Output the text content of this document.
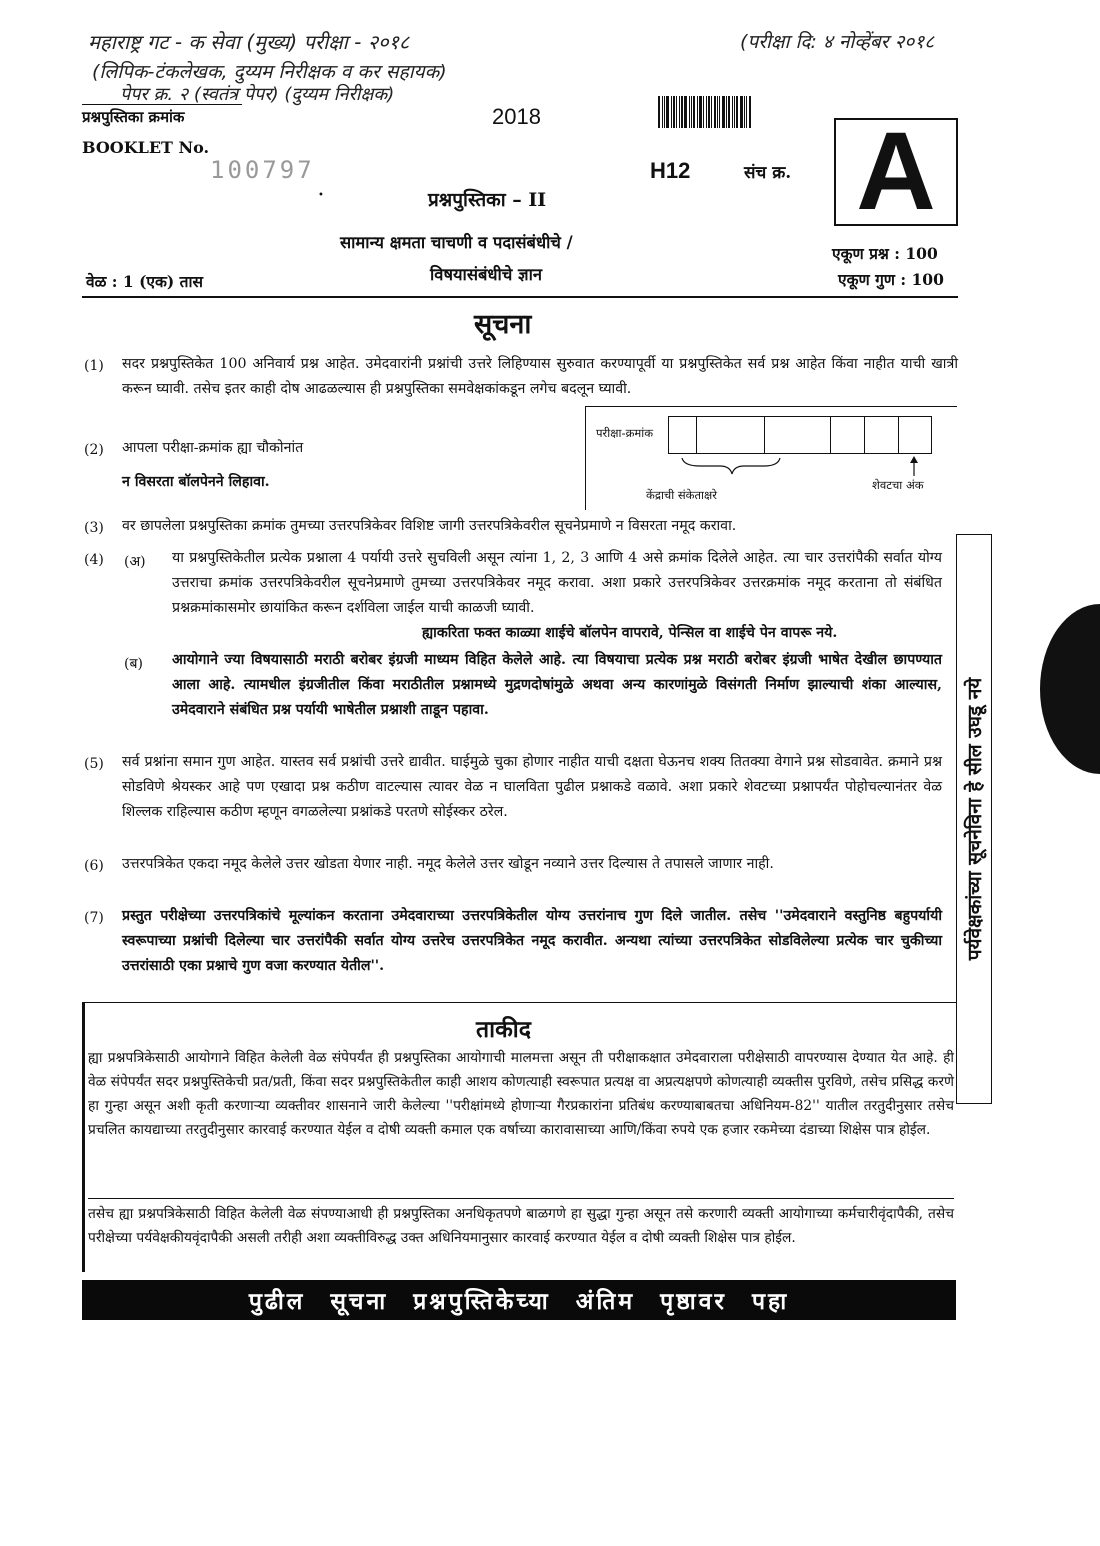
महाराष्ट्र गट - क सेवा (मुख्य) परीक्षा - २०१८	(परीक्षा दि: ४ नोव्हेंबर २०१८
(लिपिक-टंकलेखक, दुय्यम निरीक्षक व कर सहायक)
पेपर क्र. २ (स्वतंत्र पेपर) (दुय्यम निरीक्षक)
प्रश्नपुस्तिका क्रमांक	2018
BOOKLET No.
100797	H12	संच क्र. A
प्रश्नपुस्तिका – II
•
सामान्य क्षमता चाचणी व पदासंबंधीचे /
विषयासंबंधीचे ज्ञान
एकूण प्रश्न : 100
एकूण गुण : 100
वेळ : 1 (एक) तास
सूचना
(1) सदर प्रश्नपुस्तिकेत 100 अनिवार्य प्रश्न आहेत. उमेदवारांनी प्रश्नांची उत्तरे लिहिण्यास सुरुवात करण्यापूर्वी या प्रश्नपुस्तिकेत सर्व प्रश्न आहेत किंवा नाहीत याची खात्री करून घ्यावी. तसेच इतर काही दोष आढळल्यास ही प्रश्नपुस्तिका समवेक्षकांकडून लगेच बदलून घ्यावी.
(2) आपला परीक्षा-क्रमांक ह्या चौकोनांत
न विसरता बॉलपेनने लिहावा.
परीक्षा-क्रमांक
केंद्राची संकेताक्षरे
शेवटचा अंक
(3) वर छापलेला प्रश्नपुस्तिका क्रमांक तुमच्या उत्तरपत्रिकेवर विशिष्ट जागी उत्तरपत्रिकेवरील सूचनेप्रमाणे न विसरता नमूद करावा.
(4) (अ) या प्रश्नपुस्तिकेतील प्रत्येक प्रश्नाला 4 पर्यायी उत्तरे सुचविली असून त्यांना 1, 2, 3 आणि 4 असे क्रमांक दिलेले आहेत. त्या चार उत्तरांपैकी सर्वात योग्य उत्तराचा क्रमांक उत्तरपत्रिकेवरील सूचनेप्रमाणे तुमच्या उत्तरपत्रिकेवर नमूद करावा. अशा प्रकारे उत्तरपत्रिकेवर उत्तरक्रमांक नमूद करताना तो संबंधित प्रश्नक्रमांकासमोर छायांकित करून दर्शविला जाईल याची काळजी घ्यावी.
ह्याकरिता फक्त काळ्या शाईचे बॉलपेन वापरावे, पेन्सिल वा शाईचे पेन वापरू नये.
(ब) आयोगाने ज्या विषयासाठी मराठी बरोबर इंग्रजी माध्यम विहित केलेले आहे. त्या विषयाचा प्रत्येक प्रश्न मराठी बरोबर इंग्रजी भाषेत देखील छापण्यात आला आहे. त्यामधील इंग्रजीतील किंवा मराठीतील प्रश्नामध्ये मुद्रणदोषांमुळे अथवा अन्य कारणांमुळे विसंगती निर्माण झाल्याची शंका आल्यास, उमेदवाराने संबंधित प्रश्न पर्यायी भाषेतील प्रश्नाशी ताडून पहावा.
(5) सर्व प्रश्नांना समान गुण आहेत. यास्तव सर्व प्रश्नांची उत्तरे द्यावीत. घाईमुळे चुका होणार नाहीत याची दक्षता घेऊनच शक्य तितक्या वेगाने प्रश्न सोडवावेत. क्रमाने प्रश्न सोडविणे श्रेयस्कर आहे पण एखादा प्रश्न कठीण वाटल्यास त्यावर वेळ न घालविता पुढील प्रश्नाकडे वळावे. अशा प्रकारे शेवटच्या प्रश्नापर्यंत पोहोचल्यानंतर वेळ शिल्लक राहिल्यास कठीण म्हणून वगळलेल्या प्रश्नांकडे परतणे सोईस्कर ठरेल.
(6) उत्तरपत्रिकेत एकदा नमूद केलेले उत्तर खोडता येणार नाही. नमूद केलेले उत्तर खोडून नव्याने उत्तर दिल्यास ते तपासले जाणार नाही.
(7) प्रस्तुत परीक्षेच्या उत्तरपत्रिकांचे मूल्यांकन करताना उमेदवाराच्या उत्तरपत्रिकेतील योग्य उत्तरांनाच गुण दिले जातील. तसेच ''उमेदवाराने वस्तुनिष्ठ बहुपर्यायी स्वरूपाच्या प्रश्नांची दिलेल्या चार उत्तरांपैकी सर्वात योग्य उत्तरेच उत्तरपत्रिकेत नमूद करावीत. अन्यथा त्यांच्या उत्तरपत्रिकेत सोडविलेल्या प्रत्येक चार चुकीच्या उत्तरांसाठी एका प्रश्नाचे गुण वजा करण्यात येतील''.
पर्यवेक्षकांच्या सूचनेविना हे सील उघडू नये
ताकीद
ह्या प्रश्नपत्रिकेसाठी आयोगाने विहित केलेली वेळ संपेपर्यंत ही प्रश्नपुस्तिका आयोगाची मालमत्ता असून ती परीक्षाकक्षात उमेदवाराला परीक्षेसाठी वापरण्यास देण्यात येत आहे. ही वेळ संपेपर्यंत सदर प्रश्नपुस्तिकेची प्रत/प्रती, किंवा सदर प्रश्नपुस्तिकेतील काही आशय कोणत्याही स्वरूपात प्रत्यक्ष वा अप्रत्यक्षपणे कोणत्याही व्यक्तीस पुरविणे, तसेच प्रसिद्ध करणे हा गुन्हा असून अशी कृती करणाऱ्या व्यक्तीवर शासनाने जारी केलेल्या ''परीक्षांमध्ये होणाऱ्या गैरप्रकारांना प्रतिबंध करण्याबाबतचा अधिनियम-82'' यातील तरतुदीनुसार तसेच प्रचलित कायद्याच्या तरतुदीनुसार कारवाई करण्यात येईल व दोषी व्यक्ती कमाल एक वर्षाच्या कारावासाच्या आणि/किंवा रुपये एक हजार रकमेच्या दंडाच्या शिक्षेस पात्र होईल.
तसेच ह्या प्रश्नपत्रिकेसाठी विहित केलेली वेळ संपण्याआधी ही प्रश्नपुस्तिका अनधिकृतपणे बाळगणे हा सुद्धा गुन्हा असून तसे करणारी व्यक्ती आयोगाच्या कर्मचारीवृंदापैकी, तसेच परीक्षेच्या पर्यवेक्षकीयवृंदापैकी असली तरीही अशा व्यक्तीविरुद्ध उक्त अधिनियमानुसार कारवाई करण्यात येईल व दोषी व्यक्ती शिक्षेस पात्र होईल.
पुढील सूचना प्रश्नपुस्तिकेच्या अंतिम पृष्ठावर पहा
